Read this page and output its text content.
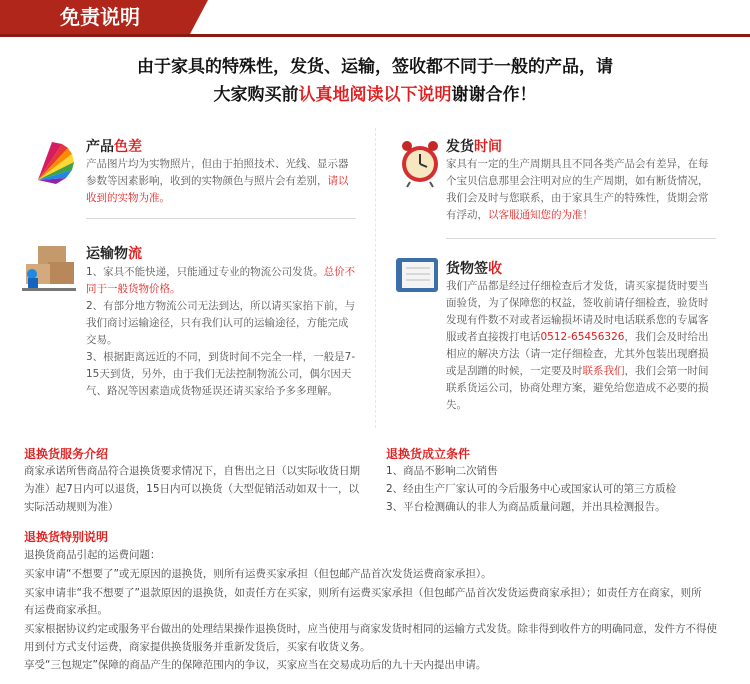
免责说明
由于家具的特殊性，发货、运输，签收都不同于一般的产品，请
大家购买前认真地阅读以下说明谢谢合作！
产品色差
产品图片均为实物照片，但由于拍照技术、光线、显示器参数等因素影响，收到的实物颜色与照片会有差别，请以收到的实物为准。
发货时间
家具有一定的生产周期具且不同各类产品会有差异，在每个宝贝信息那里会注明对应的生产周期，如有断货情况，我们会及时与您联系，由于家具生产的特殊性，货期会常有浮动，以客服通知您的为准！
运输物流

1、家具不能快递，只能通过专业的物流公司发货。总价不同于一般货物价格。

2、有部分地方物流公司无法到达，所以请买家掐下前，与我们商讨运输途径，只有我们认可的运输途径，方能完成交易。

3、根据距离远近的不同，到货时间不完全一样，一般是7-15天到货，另外，由于我们无法控制物流公司，偶尔因天气、路况等因素造成货物延误还请买家给予多多理解。

货物签收
我们产品都是经过仔细检查后才发货，请买家提货时要当面验货，为了保障您的权益，签收前请仔细检查，验货时发现有件数不对或者运输损坏请及时电话联系您的专属客服或者直接拨打电话0512-65456326，我们会及时给出相应的解决方法（请一定仔细检查，尤其外包装出现磨损或是刮蹭的时候，一定要及时联系我们，我们会第一时间联系货运公司，协商处理方案，避免给您造成不必要的损失。
退换货服务介绍
商家承诺所售商品符合退换货要求情况下，自售出之日（以实际收货日期为准）起7日内可以退货，15日内可以换货（大型促销活动如双十一，以实际活动规则为准）
退换货成立条件

1、商品不影响二次销售

2、经由生产厂家认可的今后服务中心或国家认可的第三方质检

3、平台检测确认的非人为商品质量问题，并出具检测报告。

退换货特别说明
退换货商品引起的运费问题：
买家申请“不想要了”或无原因的退换货，则所有运费买家承担（但包邮产品首次发货运费商家承担）。
买家申请非“我不想要了”退款原因的退换货，如责任方在买家，则所有运费买家承担（但包邮产品首次发货运费商家承担）；如责任方在商家，则所
有运费商家承担。
买家根据协议约定或服务平台做出的处理结果操作退换货时，应当使用与商家发货时相同的运输方式发货。除非得到收件方的明确同意，发件方不得使
用到付方式支付运费，商家提供换货服务并重新发货后，买家有收货义务。
享受“三包规定”保障的商品产生的保障范围内的争议，买家应当在交易成功后的九十天内提出申请。
